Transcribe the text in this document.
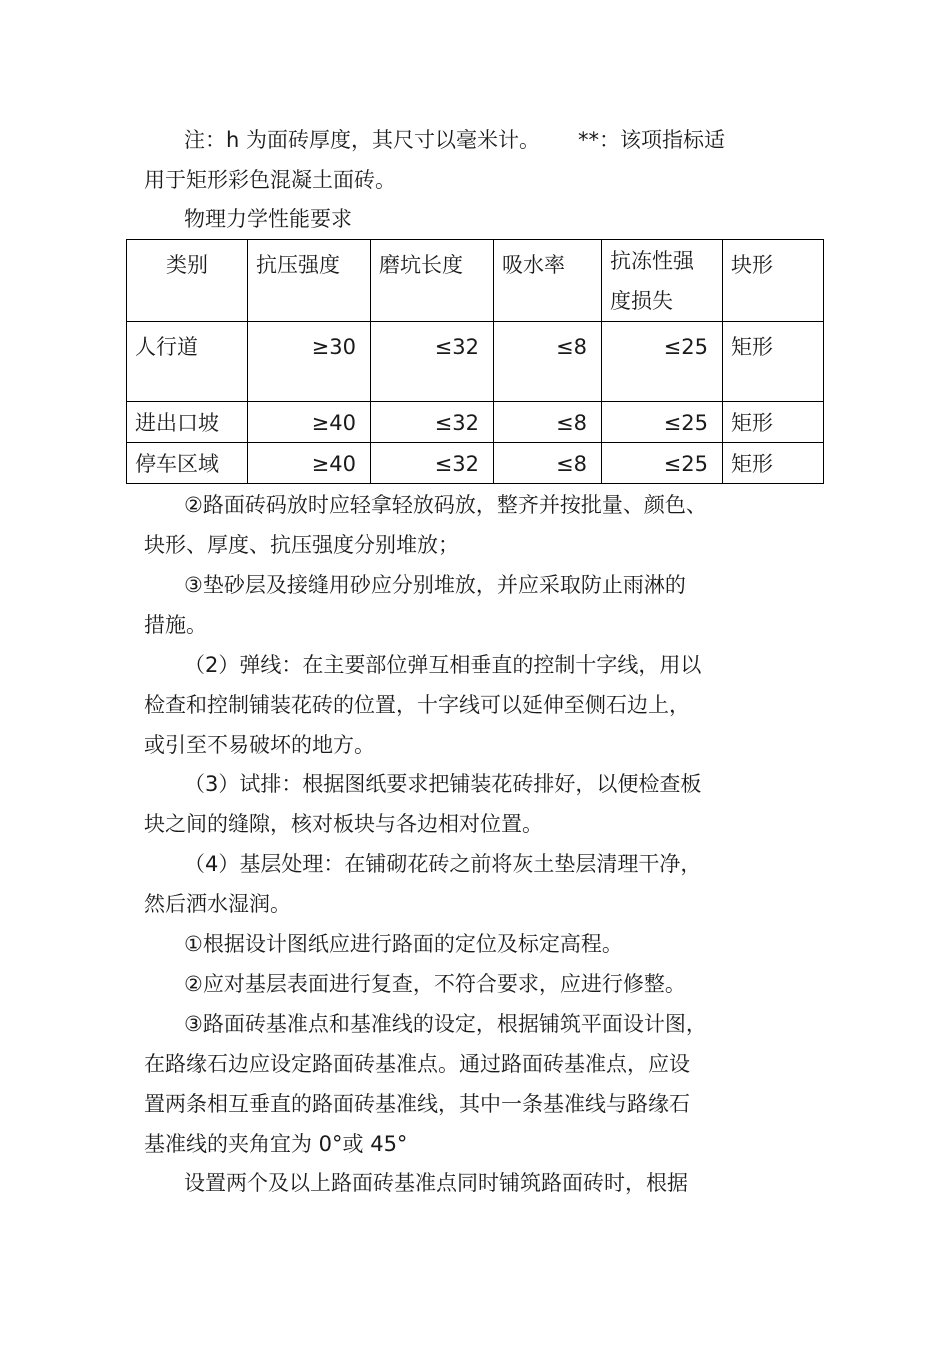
注：h 为面砖厚度，其尺寸以毫米计。 **：该项指标适
用于矩形彩色混凝土面砖。
物理力学性能要求
类别	抗压强度	磨坑长度	吸水率	抗冻性强度损失	块形
人行道	≥30	≤32	≤8	≤25	矩形
进出口坡	≥40	≤32	≤8	≤25	矩形
停车区域	≥40	≤32	≤8	≤25	矩形
②路面砖码放时应轻拿轻放码放，整齐并按批量、颜色、
块形、厚度、抗压强度分别堆放；
③垫砂层及接缝用砂应分别堆放，并应采取防止雨淋的
措施。
（2）弹线：在主要部位弹互相垂直的控制十字线，用以
检查和控制铺装花砖的位置，十字线可以延伸至侧石边上，
或引至不易破坏的地方。
（3）试排：根据图纸要求把铺装花砖排好，以便检查板
块之间的缝隙，核对板块与各边相对位置。
（4）基层处理：在铺砌花砖之前将灰土垫层清理干净，
然后洒水湿润。
①根据设计图纸应进行路面的定位及标定高程。
②应对基层表面进行复查，不符合要求，应进行修整。
③路面砖基准点和基准线的设定，根据铺筑平面设计图，
在路缘石边应设定路面砖基准点。通过路面砖基准点，应设
置两条相互垂直的路面砖基准线，其中一条基准线与路缘石
基准线的夹角宜为 0°或 45°
设置两个及以上路面砖基准点同时铺筑路面砖时，根据
